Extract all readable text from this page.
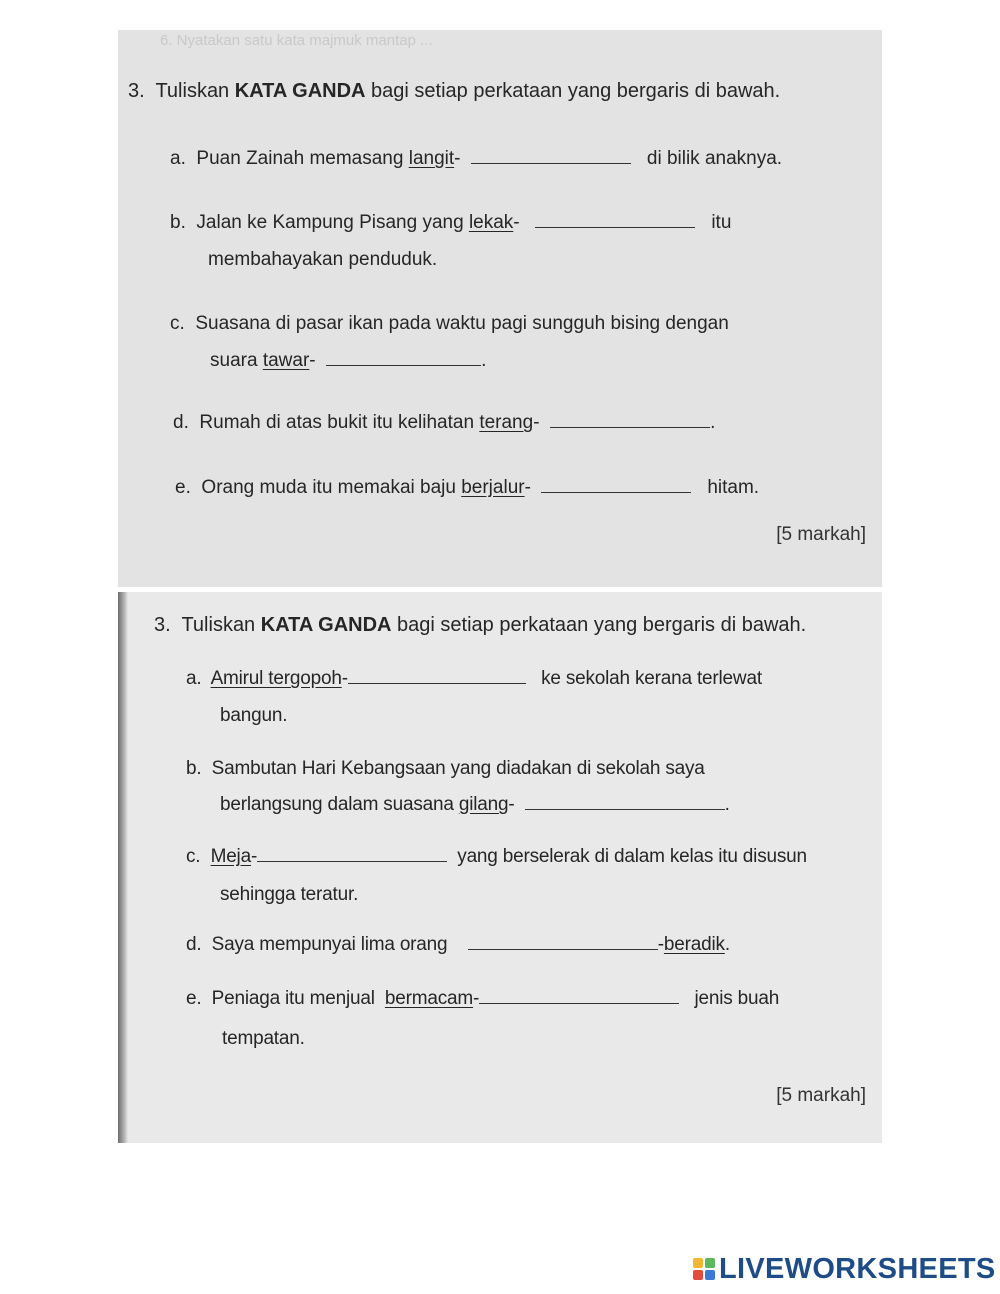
6. Nyatakan satu kata majmuk mantap ...
3. Tuliskan KATA GANDA bagi setiap perkataan yang bergaris di bawah.
a. Puan Zainah memasang langit-	di bilik anaknya.
b. Jalan ke Kampung Pisang yang lekak-	itu
membahayakan penduduk.
c. Suasana di pasar ikan pada waktu pagi sungguh bising dengan
suara tawar-	.
d. Rumah di atas bukit itu kelihatan terang-	.
e. Orang muda itu memakai baju berjalur-	hitam.
[5 markah]
3. Tuliskan KATA GANDA bagi setiap perkataan yang bergaris di bawah.
a. Amirul tergopoh-	ke sekolah kerana terlewat
bangun.
b. Sambutan Hari Kebangsaan yang diadakan di sekolah saya
berlangsung dalam suasana gilang-	.
c. Meja-	yang berselerak di dalam kelas itu disusun
sehingga teratur.
d. Saya mempunyai lima orang	-beradik.
e. Peniaga itu menjual bermacam-	jenis buah
tempatan.
[5 markah]
LIVEWORKSHEETS
